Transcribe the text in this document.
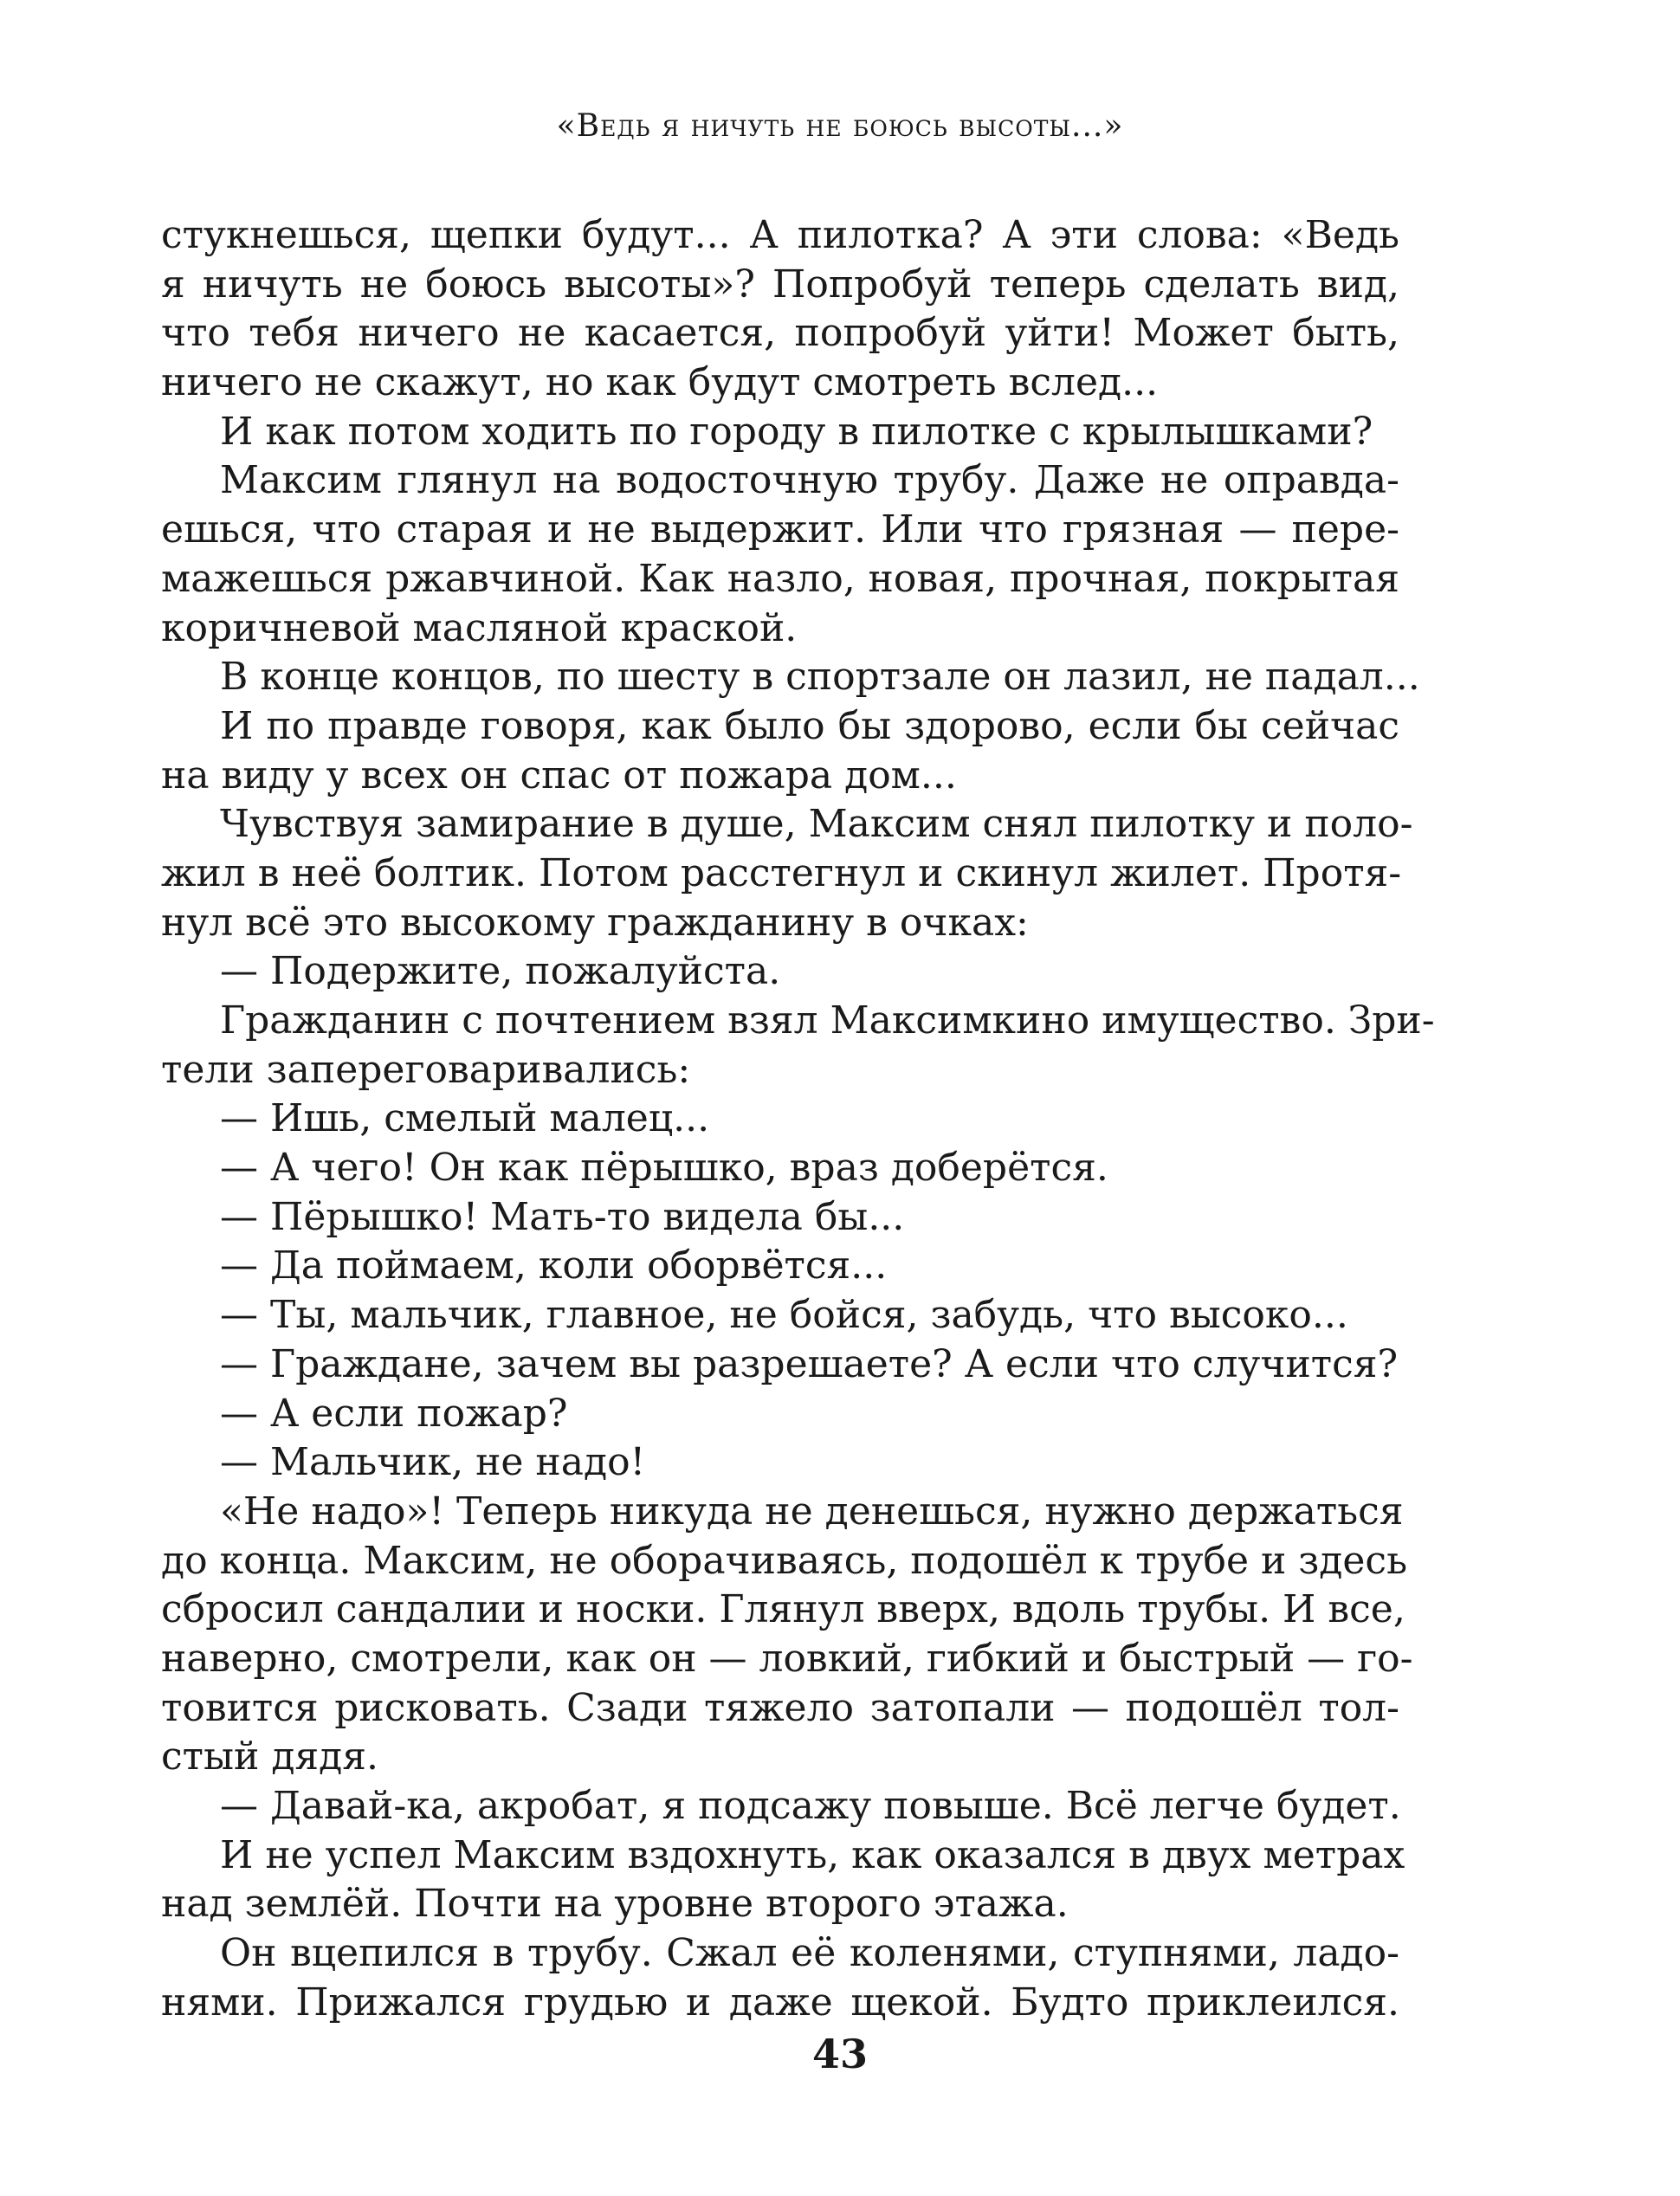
«Ведь я ничуть не боюсь высоты...»
стукнешься, щепки будут... А пилотка? А эти слова: «Ведь
я ничуть не боюсь высоты»? Попробуй теперь сделать вид,
что тебя ничего не касается, попробуй уйти! Может быть,
ничего не скажут, но как будут смотреть вслед...
И как потом ходить по городу в пилотке с крылышками?
Максим глянул на водосточную трубу. Даже не оправда-
ешься, что старая и не выдержит. Или что грязная — пере-
мажешься ржавчиной. Как назло, новая, прочная, покрытая
коричневой масляной краской.
В конце концов, по шесту в спортзале он лазил, не падал...
И по правде говоря, как было бы здорово, если бы сейчас
на виду у всех он спас от пожара дом...
Чувствуя замирание в душе, Максим снял пилотку и поло-
жил в неё болтик. Потом расстегнул и скинул жилет. Протя-
нул всё это высокому гражданину в очках:
— Подержите, пожалуйста.
Гражданин с почтением взял Максимкино имущество. Зри-
тели запереговаривались:
— Ишь, смелый малец...
— А чего! Он как пёрышко, враз доберётся.
— Пёрышко! Мать-то видела бы...
— Да поймаем, коли оборвётся...
— Ты, мальчик, главное, не бойся, забудь, что высоко...
— Граждане, зачем вы разрешаете? А если что случится?
— А если пожар?
— Мальчик, не надо!
«Не надо»! Теперь никуда не денешься, нужно держаться
до конца. Максим, не оборачиваясь, подошёл к трубе и здесь
сбросил сандалии и носки. Глянул вверх, вдоль трубы. И все,
наверно, смотрели, как он — ловкий, гибкий и быстрый — го-
товится рисковать. Сзади тяжело затопали — подошёл тол-
стый дядя.
— Давай-ка, акробат, я подсажу повыше. Всё легче будет.
И не успел Максим вздохнуть, как оказался в двух метрах
над землёй. Почти на уровне второго этажа.
Он вцепился в трубу. Сжал её коленями, ступнями, ладо-
нями. Прижался грудью и даже щекой. Будто приклеился.
43
